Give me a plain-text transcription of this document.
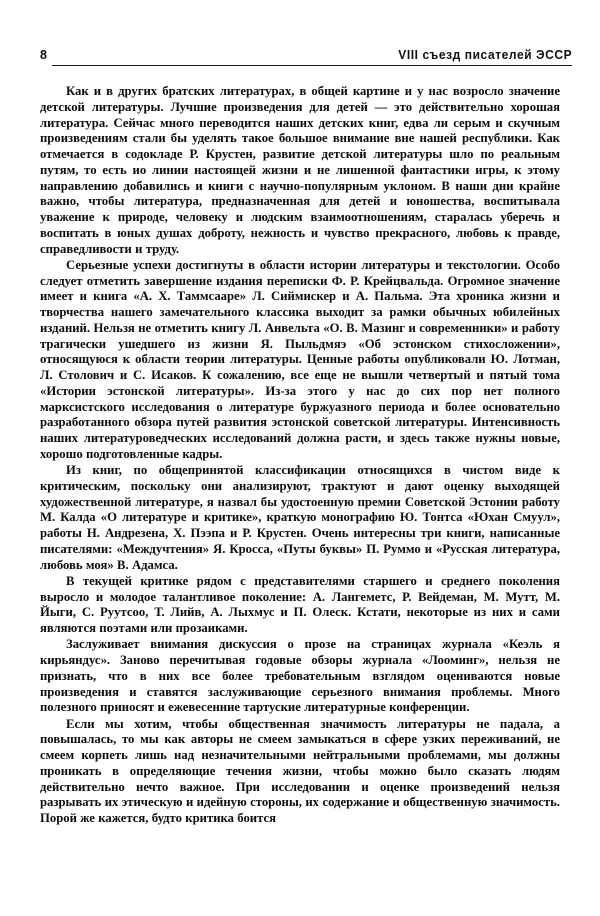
8	VIII съезд писателей ЭССР

Как и в других братских литературах, в общей картине и у нас возросло значение детской литературы. Лучшие произведения для детей — это действительно хорошая литература. Сейчас много переводится наших детских книг, едва ли серым и скучным произведениям стали бы уделять такое большое внимание вне нашей республики. Как отмечается в содокладе Р. Крустен, развитие детской литературы шло по реальным путям, то есть ио линии настоящей жизни и не лишенной фантастики игры, к этому направлению добавились и книги с научно-популярным уклоном. В наши дни крайне важно, чтобы литература, предназначенная для детей и юношества, воспитывала уважение к природе, человеку и людским взаимоотношениям, старалась уберечь и воспитать в юных душах доброту, нежность и чувство прекрасного, любовь к правде, справедливости и труду.

Серьезные успехи достигнуты в области истории литературы и текстологии. Особо следует отметить завершение издания переписки Ф. Р. Крейцвальда. Огромное значение имеет и книга «А. Х. Таммсааре» Л. Сиймискер и А. Пальма. Эта хроника жизни и творчества нашего замечательного классика выходит за рамки обычных юбилейных изданий. Нельзя не отметить книгу Л. Анвельта «О. В. Мазинг и современники» и работу трагически ушедшего из жизни Я. Пыльдмяэ «Об эстонском стихосложении», относящуюся к области теории литературы. Ценные работы опубликовали Ю. Лотман, Л. Столович и С. Исаков. К сожалению, все еще не вышли четвертый и пятый тома «Истории эстонской литературы». Из-за этого у нас до сих пор нет полного марксистского исследования о литературе буржуазного периода и более основательно разработанного обзора путей развития эстонской советской литературы. Интенсивность наших литературоведческих исследований должна расти, и здесь также нужны новые, хорошо подготовленные кадры.

Из книг, по общепринятой классификации относящихся в чистом виде к критическим, поскольку они анализируют, трактуют и дают оценку выходящей художественной литературе, я назвал бы удостоенную премии Советской Эстонии работу М. Калда «О литературе и критике», краткую монографию Ю. Тонтса «Юхан Смуул», работы Н. Андрезена, Х. Пээпа и Р. Крустен. Очень интересны три книги, написанные писателями: «Междучтения» Я. Кросса, «Путы буквы» П. Руммо и «Русская литература, любовь моя» В. Адамса.

В текущей критике рядом с представителями старшего и среднего поколения выросло и молодое талантливое поколение: А. Лангеметс, Р. Вейдеман, М. Мутт, М. Йыги, С. Руутсоо, Т. Лийв, А. Лыхмус и П. Олеск. Кстати, некоторые из них и сами являются поэтами или прозаиками.

Заслуживает внимания дискуссия о прозе на страницах журнала «Кеэль я кирьяндус». Заново перечитывая годовые обзоры журнала «Лооминг», нельзя не признать, что в них все более требовательным взглядом оцениваются новые произведения и ставятся заслуживающие серьезного внимания проблемы. Много полезного приносят и ежевесенние тартуские литературные конференции.

Если мы хотим, чтобы общественная значимость литературы не падала, а повышалась, то мы как авторы не смеем замыкаться в сфере узких переживаний, не смеем корпеть лишь над незначительными нейтральными проблемами, мы должны проникать в определяющие течения жизни, чтобы можно было сказать людям действительно нечто важное. При исследовании и оценке произведений нельзя разрывать их этическую и идейную стороны, их содержание и общественную значимость. Порой же кажется, будто критика боится
